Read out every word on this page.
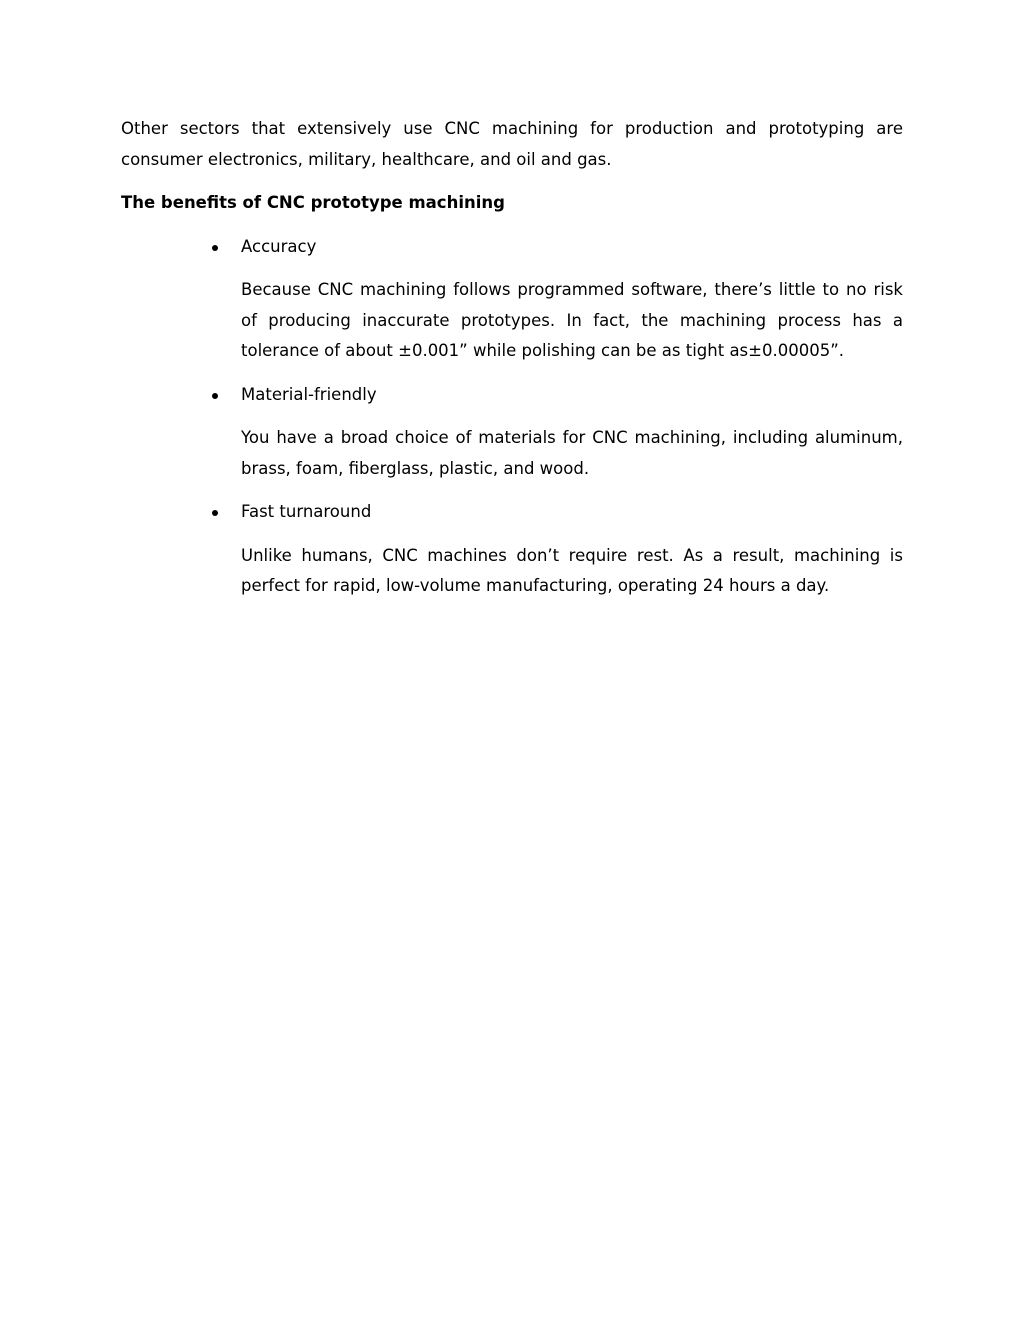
Other sectors that extensively use CNC machining for production and prototyping are consumer electronics, military, healthcare, and oil and gas.

The benefits of CNC prototype machining
Accuracy

Because CNC machining follows programmed software, there’s little to no risk of producing inaccurate prototypes. In fact, the machining process has a tolerance of about ±0.001” while polishing can be as tight as±0.00005”.

Material-friendly

You have a broad choice of materials for CNC machining, including aluminum, brass, foam, fiberglass, plastic, and wood.

Fast turnaround

Unlike humans, CNC machines don’t require rest. As a result, machining is perfect for rapid, low-volume manufacturing, operating 24 hours a day.
